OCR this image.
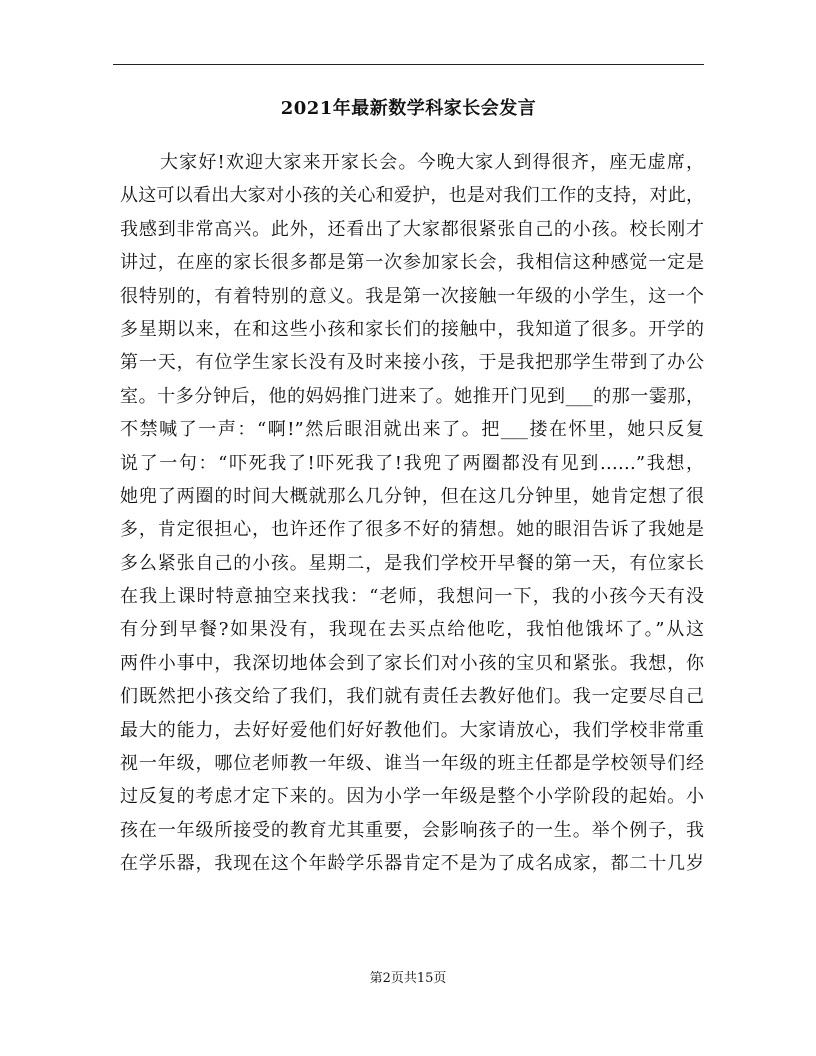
2021年最新数学科家长会发言
大家好!欢迎大家来开家长会。今晚大家人到得很齐，座无虚席，
从这可以看出大家对小孩的关心和爱护，也是对我们工作的支持，对此，
我感到非常高兴。此外，还看出了大家都很紧张自己的小孩。校长刚才
讲过，在座的家长很多都是第一次参加家长会，我相信这种感觉一定是
很特别的，有着特别的意义。我是第一次接触一年级的小学生，这一个
多星期以来，在和这些小孩和家长们的接触中，我知道了很多。开学的
第一天，有位学生家长没有及时来接小孩，于是我把那学生带到了办公
室。十多分钟后，他的妈妈推门进来了。她推开门见到___的那一霎那，
不禁喊了一声：“啊!”然后眼泪就出来了。把___搂在怀里，她只反复
说了一句：“吓死我了!吓死我了!我兜了两圈都没有见到……”我想，
她兜了两圈的时间大概就那么几分钟，但在这几分钟里，她肯定想了很
多，肯定很担心，也许还作了很多不好的猜想。她的眼泪告诉了我她是
多么紧张自己的小孩。星期二，是我们学校开早餐的第一天，有位家长
在我上课时特意抽空来找我：“老师，我想问一下，我的小孩今天有没
有分到早餐?如果没有，我现在去买点给他吃，我怕他饿坏了。”从这
两件小事中，我深切地体会到了家长们对小孩的宝贝和紧张。我想，你
们既然把小孩交给了我们，我们就有责任去教好他们。我一定要尽自己
最大的能力，去好好爱他们好好教他们。大家请放心，我们学校非常重
视一年级，哪位老师教一年级、谁当一年级的班主任都是学校领导们经
过反复的考虑才定下来的。因为小学一年级是整个小学阶段的起始。小
孩在一年级所接受的教育尤其重要，会影响孩子的一生。举个例子，我
在学乐器，我现在这个年龄学乐器肯定不是为了成名成家，都二十几岁
第2页共15页
